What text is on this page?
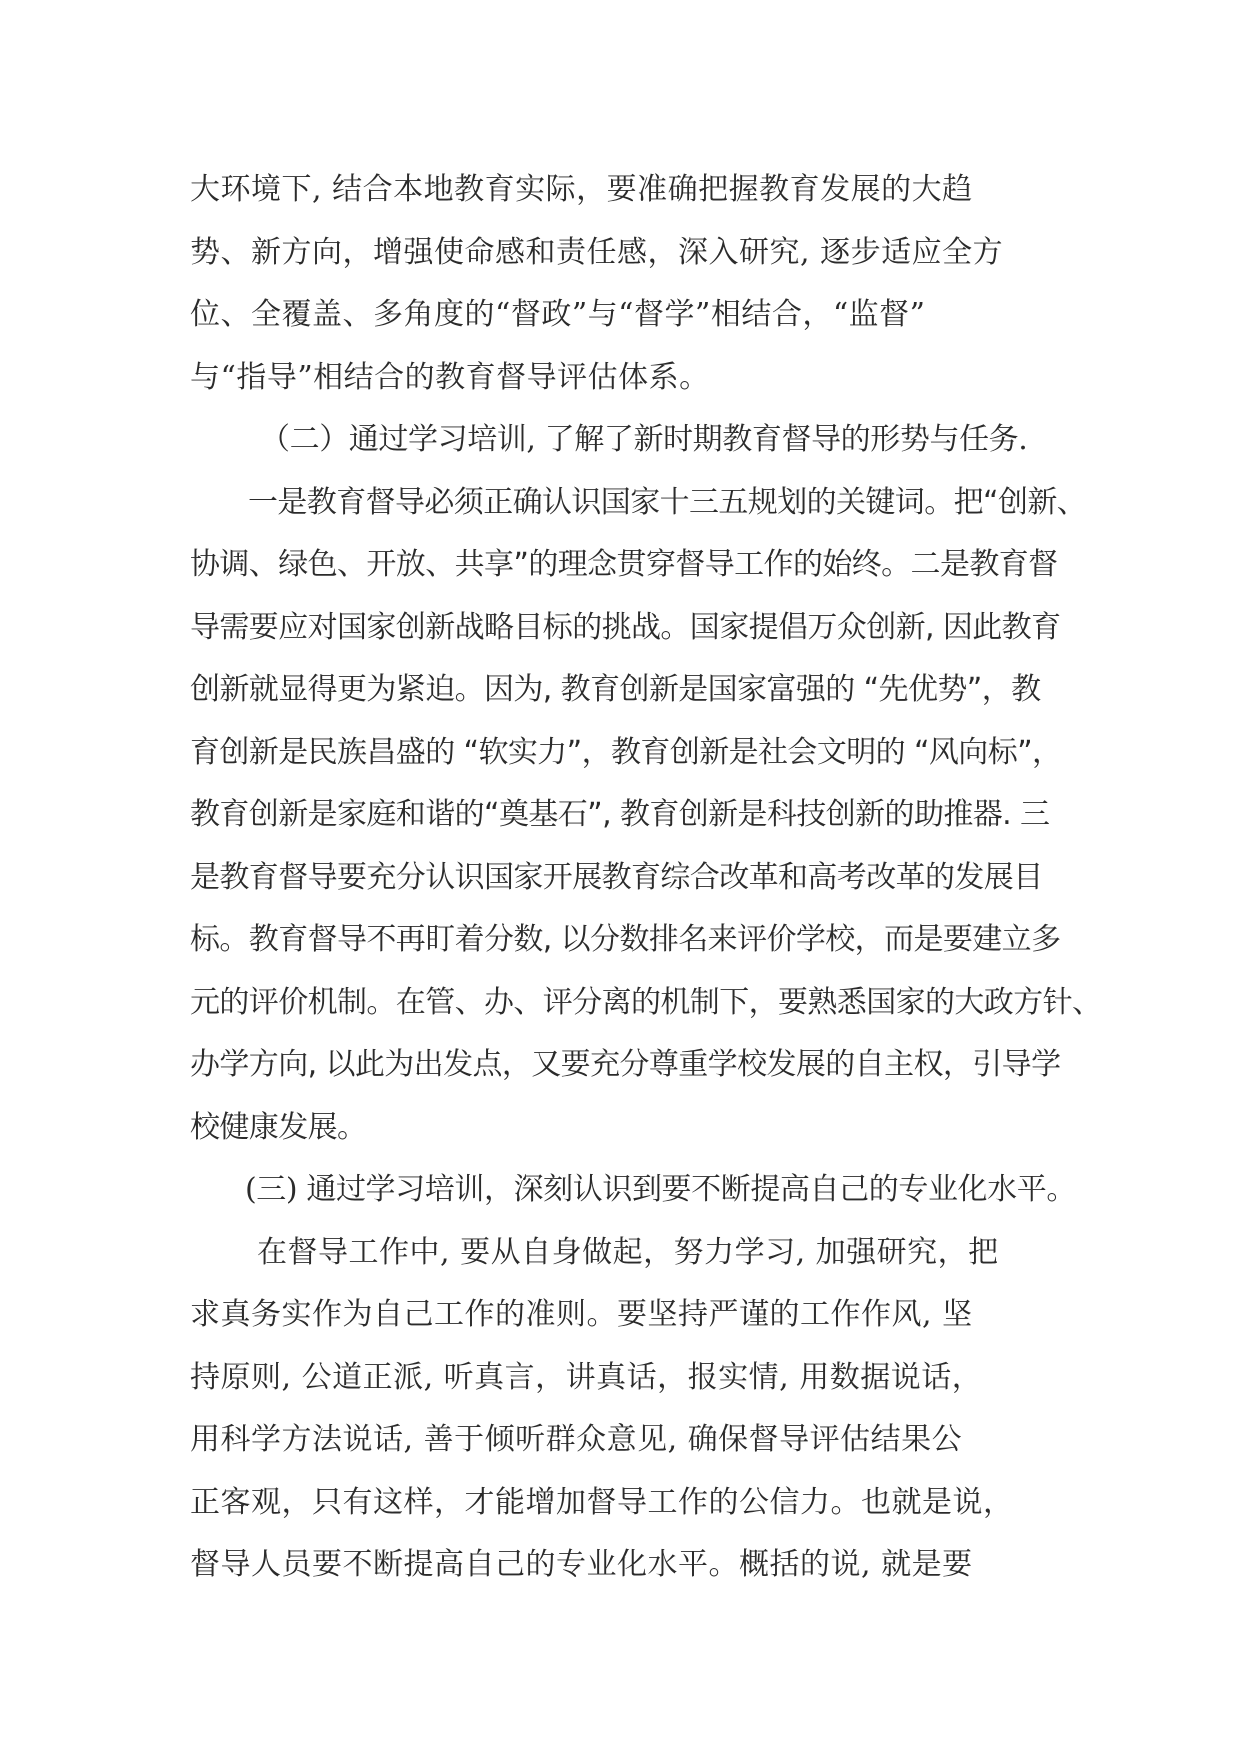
大环境下, 结合本地教育实际，要准确把握教育发展的大趋
势、新方向，增强使命感和责任感，深入研究, 逐步适应全方
位、全覆盖、多角度的“督政”与“督学”相结合，“监督”
与“指导”相结合的教育督导评估体系。
（二）通过学习培训, 了解了新时期教育督导的形势与任务.
一是教育督导必须正确认识国家十三五规划的关键词。把“创新、
协调、绿色、开放、共享”的理念贯穿督导工作的始终。二是教育督
导需要应对国家创新战略目标的挑战。国家提倡万众创新, 因此教育
创新就显得更为紧迫。因为, 教育创新是国家富强的 “先优势”，教
育创新是民族昌盛的 “软实力”，教育创新是社会文明的 “风向标”，
教育创新是家庭和谐的“奠基石”, 教育创新是科技创新的助推器. 三
是教育督导要充分认识国家开展教育综合改革和高考改革的发展目
标。教育督导不再盯着分数, 以分数排名来评价学校，而是要建立多
元的评价机制。在管、办、评分离的机制下，要熟悉国家的大政方针、
办学方向, 以此为出发点，又要充分尊重学校发展的自主权，引导学
校健康发展。
(三) 通过学习培训，深刻认识到要不断提高自己的专业化水平。
在督导工作中, 要从自身做起，努力学习, 加强研究，把
求真务实作为自己工作的准则。要坚持严谨的工作作风, 坚
持原则, 公道正派, 听真言，讲真话，报实情, 用数据说话，
用科学方法说话, 善于倾听群众意见, 确保督导评估结果公
正客观，只有这样，才能增加督导工作的公信力。也就是说，
督导人员要不断提高自己的专业化水平。概括的说, 就是要
